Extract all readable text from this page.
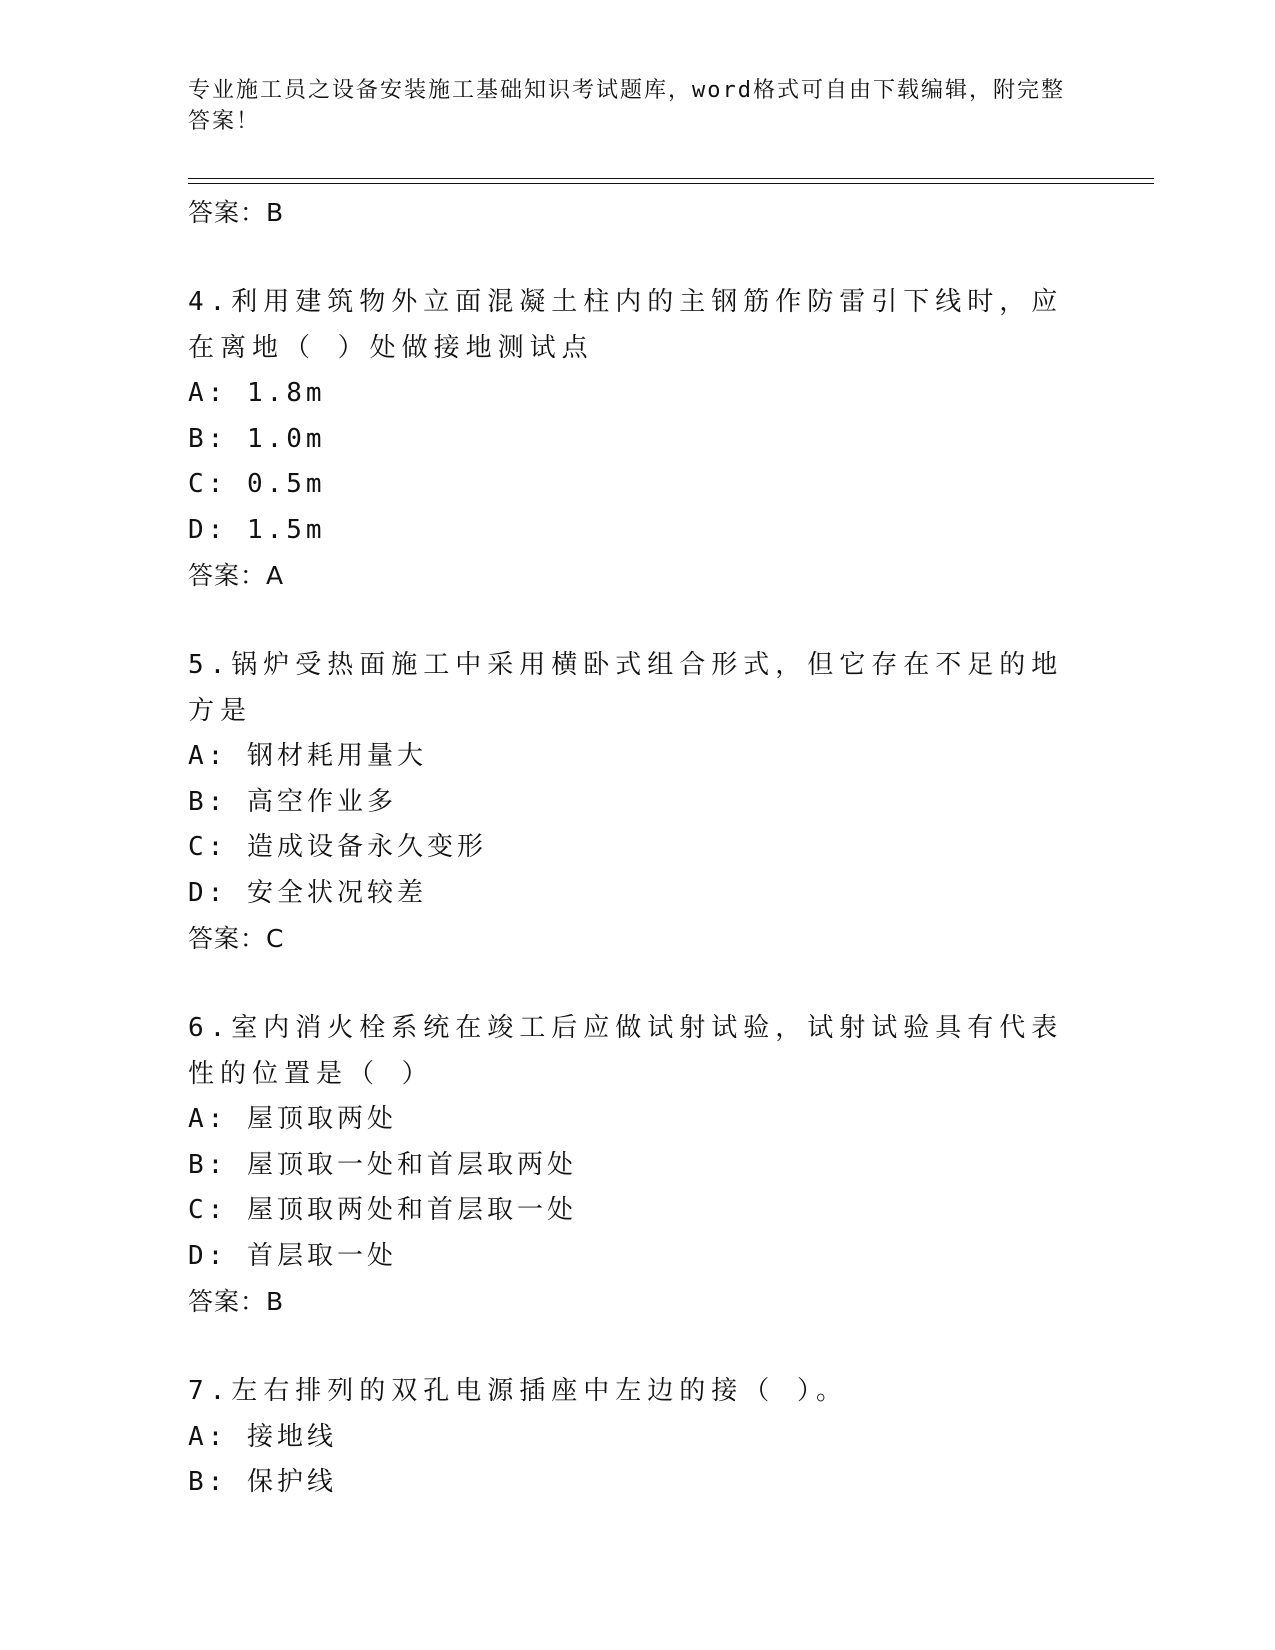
专业施工员之设备安装施工基础知识考试题库，word格式可自由下载编辑，附完整答案！
答案：B
4.利用建筑物外立面混凝土柱内的主钢筋作防雷引下线时，应在离地（ ）处做接地测试点
A: 1.8m
B: 1.0m
C: 0.5m
D: 1.5m
答案：A
5.锅炉受热面施工中采用横卧式组合形式，但它存在不足的地方是
A: 钢材耗用量大
B: 高空作业多
C: 造成设备永久变形
D: 安全状况较差
答案：C
6.室内消火栓系统在竣工后应做试射试验，试射试验具有代表性的位置是（ ）
A: 屋顶取两处
B: 屋顶取一处和首层取两处
C: 屋顶取两处和首层取一处
D: 首层取一处
答案：B
7.左右排列的双孔电源插座中左边的接（ ）。
A: 接地线
B: 保护线
